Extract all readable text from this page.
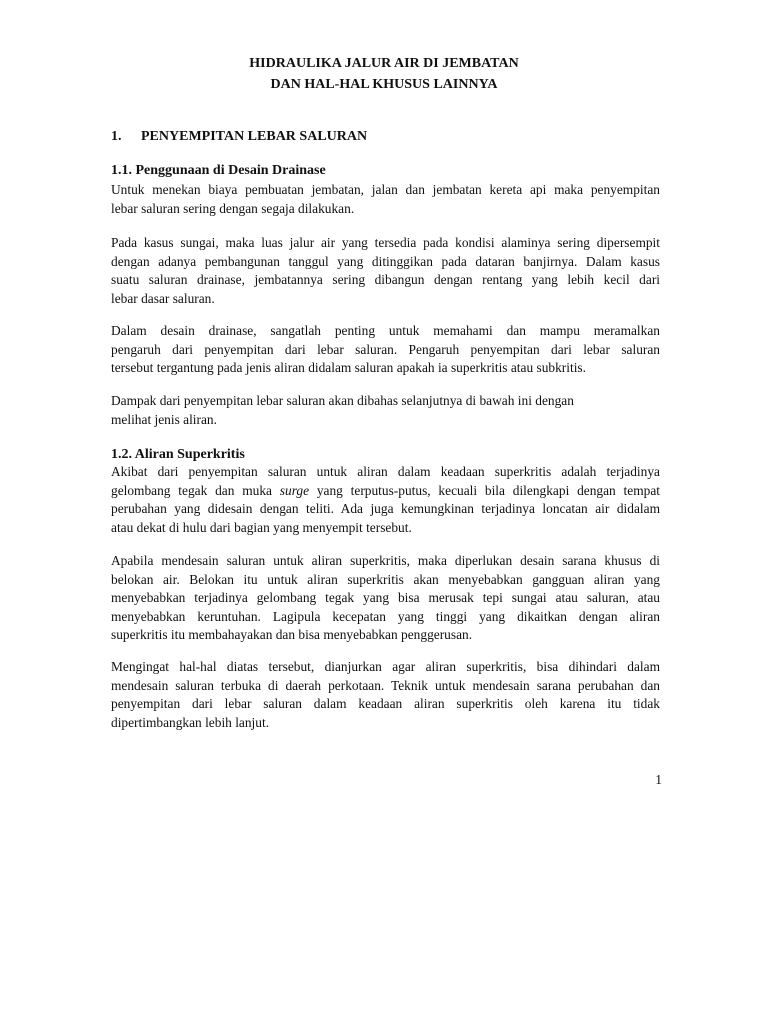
HIDRAULIKA JALUR AIR DI JEMBATAN
DAN HAL-HAL KHUSUS LAINNYA
1. PENYEMPITAN LEBAR SALURAN
1.1. Penggunaan di Desain Drainase
Untuk menekan biaya pembuatan jembatan, jalan dan jembatan kereta api maka penyempitan
lebar saluran sering dengan segaja dilakukan.
Pada kasus sungai, maka luas jalur air yang tersedia pada kondisi alaminya sering dipersempit
dengan adanya pembangunan tanggul yang ditinggikan pada dataran banjirnya. Dalam kasus
suatu saluran drainase, jembatannya sering dibangun dengan rentang yang lebih kecil dari
lebar dasar saluran.
Dalam desain drainase, sangatlah penting untuk memahami dan mampu meramalkan
pengaruh dari penyempitan dari lebar saluran. Pengaruh penyempitan dari lebar saluran
tersebut tergantung pada jenis aliran didalam saluran apakah ia superkritis atau subkritis.
Dampak dari penyempitan lebar saluran akan dibahas selanjutnya di bawah ini dengan
melihat jenis aliran.
1.2. Aliran Superkritis
Akibat dari penyempitan saluran untuk aliran dalam keadaan superkritis adalah terjadinya
gelombang tegak dan muka surge yang terputus-putus, kecuali bila dilengkapi dengan tempat
perubahan yang didesain dengan teliti. Ada juga kemungkinan terjadinya loncatan air didalam
atau dekat di hulu dari bagian yang menyempit tersebut.
Apabila mendesain saluran untuk aliran superkritis, maka diperlukan desain sarana khusus di
belokan air. Belokan itu untuk aliran superkritis akan menyebabkan gangguan aliran yang
menyebabkan terjadinya gelombang tegak yang bisa merusak tepi sungai atau saluran, atau
menyebabkan keruntuhan. Lagipula kecepatan yang tinggi yang dikaitkan dengan aliran
superkritis itu membahayakan dan bisa menyebabkan penggerusan.
Mengingat hal-hal diatas tersebut, dianjurkan agar aliran superkritis, bisa dihindari dalam
mendesain saluran terbuka di daerah perkotaan. Teknik untuk mendesain sarana perubahan dan
penyempitan dari lebar saluran dalam keadaan aliran superkritis oleh karena itu tidak
dipertimbangkan lebih lanjut.
1
